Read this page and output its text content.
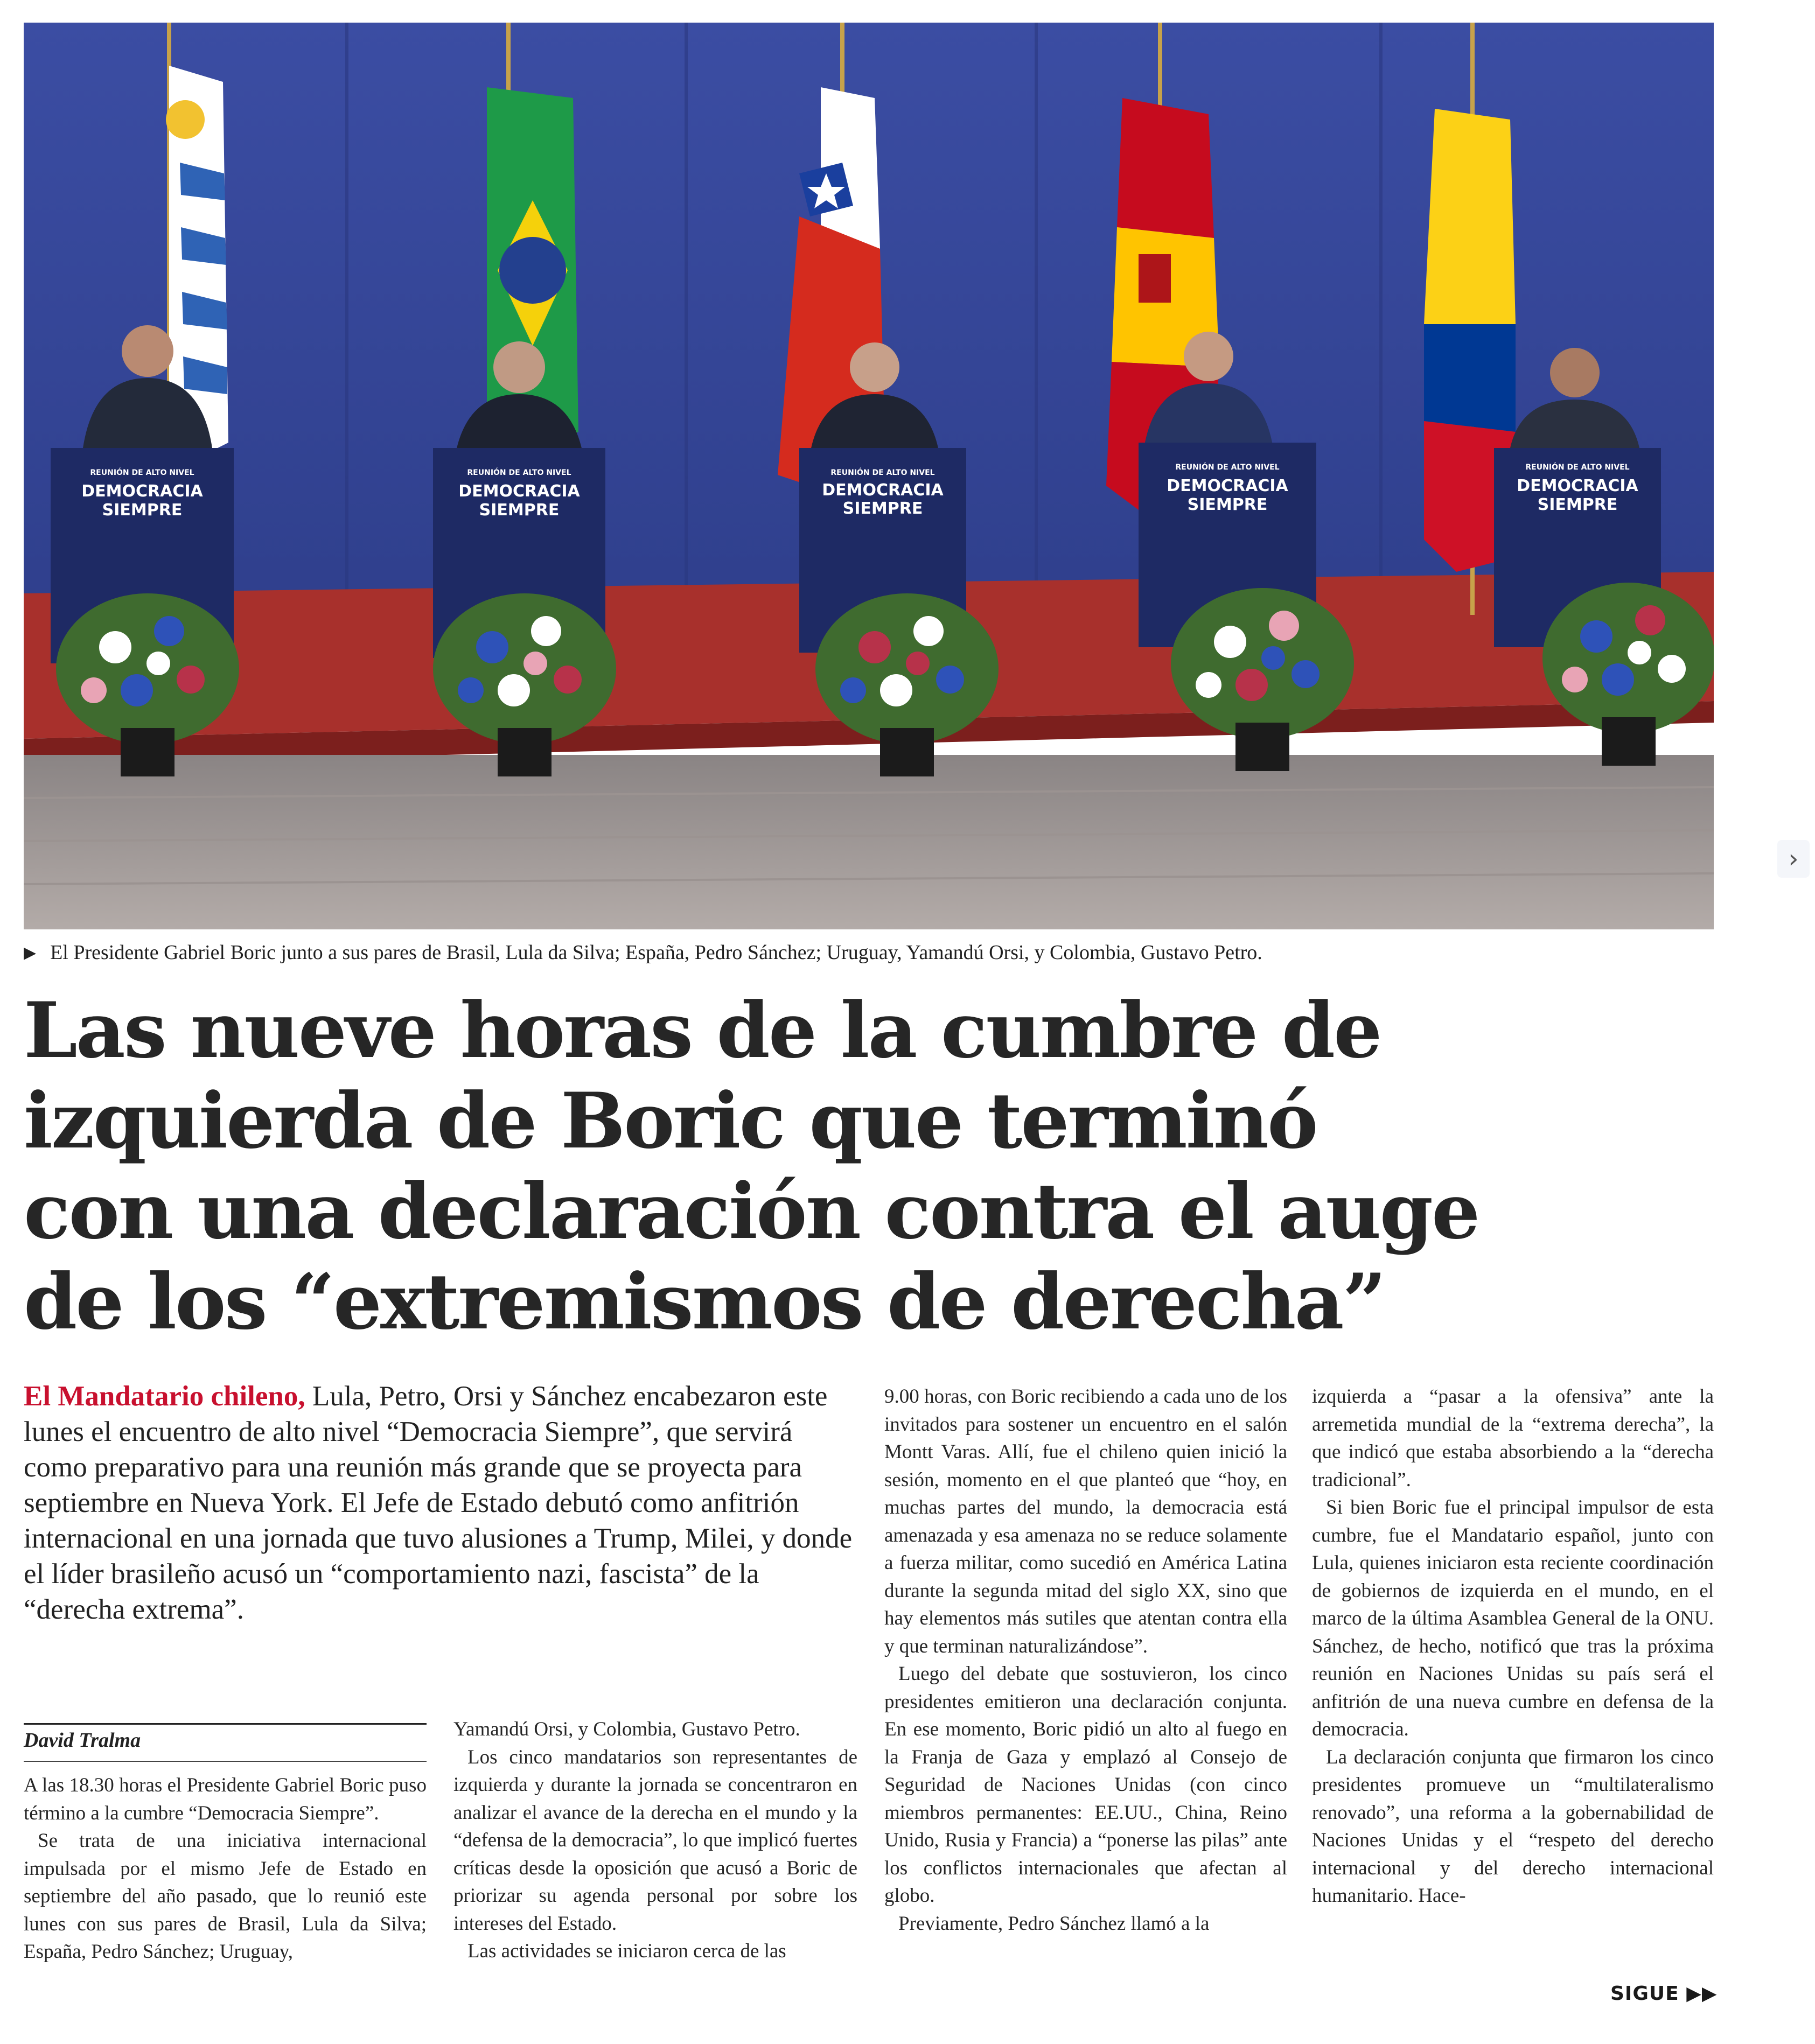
REUNIÓN DE ALTO NIVEL
DEMOCRACIA
SIEMPRE
REUNIÓN DE ALTO NIVEL
DEMOCRACIA
SIEMPRE
REUNIÓN DE ALTO NIVEL
DEMOCRACIA
SIEMPRE
REUNIÓN DE ALTO NIVEL
DEMOCRACIA
SIEMPRE
REUNIÓN DE ALTO NIVEL
DEMOCRACIA
SIEMPRE
▶ El Presidente Gabriel Boric junto a sus pares de Brasil, Lula da Silva; España, Pedro Sánchez; Uruguay, Yamandú Orsi, y Colombia, Gustavo Petro.
Las nueve horas de la cumbre de
izquierda de Boric que terminó
con una declaración contra el auge
de los “extremismos de derecha”
El Mandatario chileno, Lula, Petro, Orsi y Sánchez encabezaron este lunes el encuentro de alto nivel “Democracia Siempre”, que servirá como preparativo para una reunión más grande que se proyecta para septiembre en Nueva York. El Jefe de Estado debutó como anfitrión internacional en una jornada que tuvo alusiones a Trump, Milei, y donde el líder brasileño acusó un “comportamiento nazi, fascista” de la “derecha extrema”.
David Tralma

A las 18.30 horas el Presidente Gabriel Boric puso término a la cumbre “Democracia Siempre”.

Se trata de una iniciativa internacional impulsada por el mismo Jefe de Estado en septiembre del año pasado, que lo reunió este lunes con sus pares de Brasil, Lula da Silva; España, Pedro Sánchez; Uruguay,

Yamandú Orsi, y Colombia, Gustavo Petro.

Los cinco mandatarios son representantes de izquierda y durante la jornada se concentraron en analizar el avance de la derecha en el mundo y la “defensa de la democracia”, lo que implicó fuertes críticas desde la oposición que acusó a Boric de priorizar su agenda personal por sobre los intereses del Estado.

Las actividades se iniciaron cerca de las

9.00 horas, con Boric recibiendo a cada uno de los invitados para sostener un encuentro en el salón Montt Varas. Allí, fue el chileno quien inició la sesión, momento en el que planteó que “hoy, en muchas partes del mundo, la democracia está amenazada y esa amenaza no se reduce solamente a fuerza militar, como sucedió en América Latina durante la segunda mitad del siglo XX, sino que hay elementos más sutiles que atentan contra ella y que terminan naturalizándose”.

Luego del debate que sostuvieron, los cinco presidentes emitieron una declaración conjunta. En ese momento, Boric pidió un alto al fuego en la Franja de Gaza y emplazó al Consejo de Seguridad de Naciones Unidas (con cinco miembros permanentes: EE.UU., China, Reino Unido, Rusia y Francia) a “ponerse las pilas” ante los conflictos internacionales que afectan al globo.

Previamente, Pedro Sánchez llamó a la

izquierda a “pasar a la ofensiva” ante la arremetida mundial de la “extrema derecha”, la que indicó que estaba absorbiendo a la “derecha tradicional”.

Si bien Boric fue el principal impulsor de esta cumbre, fue el Mandatario español, junto con Lula, quienes iniciaron esta reciente coordinación de gobiernos de izquierda en el mundo, en el marco de la última Asamblea General de la ONU. Sánchez, de hecho, notificó que tras la próxima reunión en Naciones Unidas su país será el anfitrión de una nueva cumbre en defensa de la democracia.

La declaración conjunta que firmaron los cinco presidentes promueve un “multilateralismo renovado”, una reforma a la gobernabilidad de Naciones Unidas y el “respeto del derecho internacional y del derecho internacional humanitario. Hace-

SIGUE ▶▶
›
